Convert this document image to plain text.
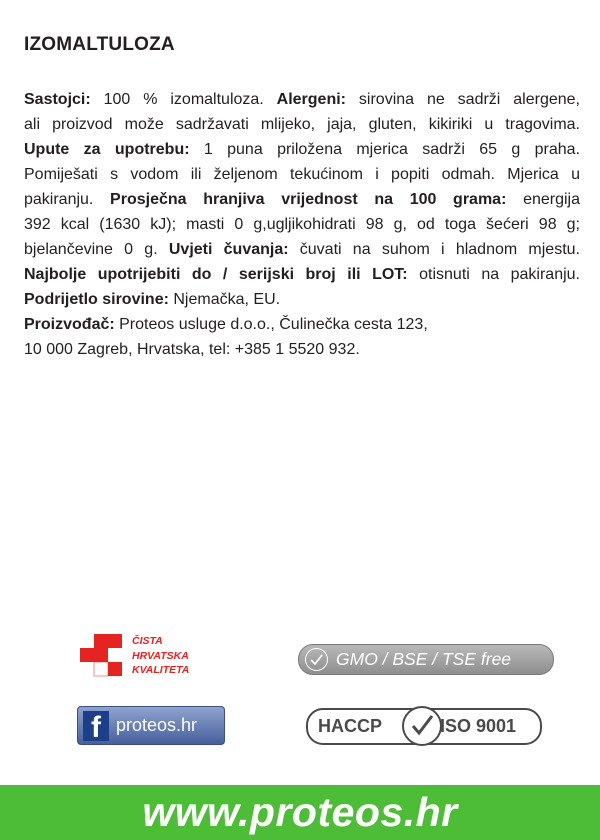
IZOMALTULOZA
Sastojci: 100 % izomaltuloza. Alergeni: sirovina ne sadrži alergene,
ali proizvod može sadržavati mlijeko, jaja, gluten, kikiriki u tragovima.
Upute za upotrebu: 1 puna priložena mjerica sadrži 65 g praha.
Pomiješati s vodom ili željenom tekućinom i popiti odmah. Mjerica u
pakiranju. Prosječna hranjiva vrijednost na 100 grama: energija
392 kcal (1630 kJ); masti 0 g,ugljikohidrati 98 g, od toga šećeri 98 g;
bjelančevine 0 g. Uvjeti čuvanja: čuvati na suhom i hladnom mjestu.
Najbolje upotrijebiti do / serijski broj ili LOT: otisnuti na pakiranju.
Podrijetlo sirovine: Njemačka, EU.
Proizvođač: Proteos usluge d.o.o., Čulinečka cesta 123,
10 000 Zagreb, Hrvatska, tel: +385 1 5520 932.
ČISTA
HRVATSKA
KVALITETA
GMO / BSE / TSE free
f proteos.hr	HACCP	ISO 9001
www.proteos.hr
